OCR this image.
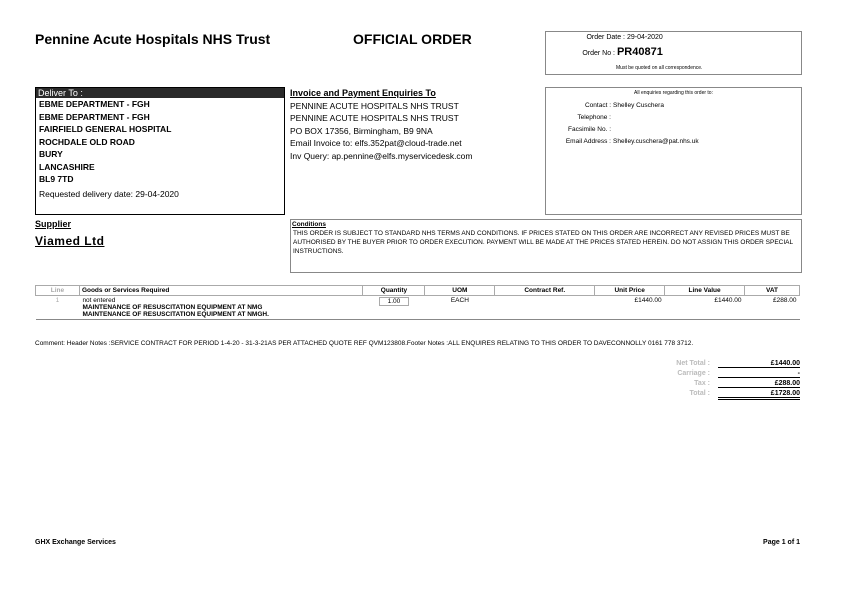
Pennine Acute Hospitals NHS Trust	OFFICIAL ORDER	Order Date : 29-04-2020
Order No : PR40871
Must be quoted on all correspondence.
Deliver To :
EBME DEPARTMENT - FGH
EBME DEPARTMENT - FGH
FAIRFIELD GENERAL HOSPITAL
ROCHDALE OLD ROAD
BURY
LANCASHIRE
BL9 7TD
Requested delivery date: 29-04-2020
Invoice and Payment Enquiries To
PENNINE ACUTE HOSPITALS NHS TRUST
PENNINE ACUTE HOSPITALS NHS TRUST
PO BOX 17356, Birmingham, B9 9NA
Email Invoice to: elfs.352pat@cloud-trade.net
Inv Query: ap.pennine@elfs.myservicedesk.com
All enquiries regarding this order to:
Contact : Shelley Cuschera
Telephone :
Facsimile No. :
Email Address : Shelley.cuschera@pat.nhs.uk
Supplier
Viamed Ltd
Conditions
THIS ORDER IS SUBJECT TO STANDARD NHS TERMS AND CONDITIONS. IF PRICES STATED ON THIS ORDER ARE INCORRECT ANY REVISED PRICES MUST BE AUTHORISED BY THE BUYER PRIOR TO ORDER EXECUTION. PAYMENT WILL BE MADE AT THE PRICES STATED HEREIN. DO NOT ASSIGN THIS ORDER SPECIAL INSTRUCTIONS.
Line	Goods or Services Required	Quantity	UOM	Contract Ref.	Unit Price	Line Value	VAT
1	not entered
MAINTENANCE OF RESUSCITATION EQUIPMENT AT NMG
MAINTENANCE OF RESUSCITATION EQUIPMENT AT NMGH.	1.00	EACH		£1440.00	£1440.00	£288.00
Comment: Header Notes :SERVICE CONTRACT FOR PERIOD 1-4-20 - 31-3-21AS PER ATTACHED QUOTE REF QVM123808.Footer Notes :ALL ENQUIRES RELATING TO THIS ORDER TO DAVECONNOLLY 0161 778 3712.
Net Total :	£1440.00
Carriage :	-
Tax :	£288.00
Total :	£1728.00
GHX Exchange Services	Page 1 of 1
